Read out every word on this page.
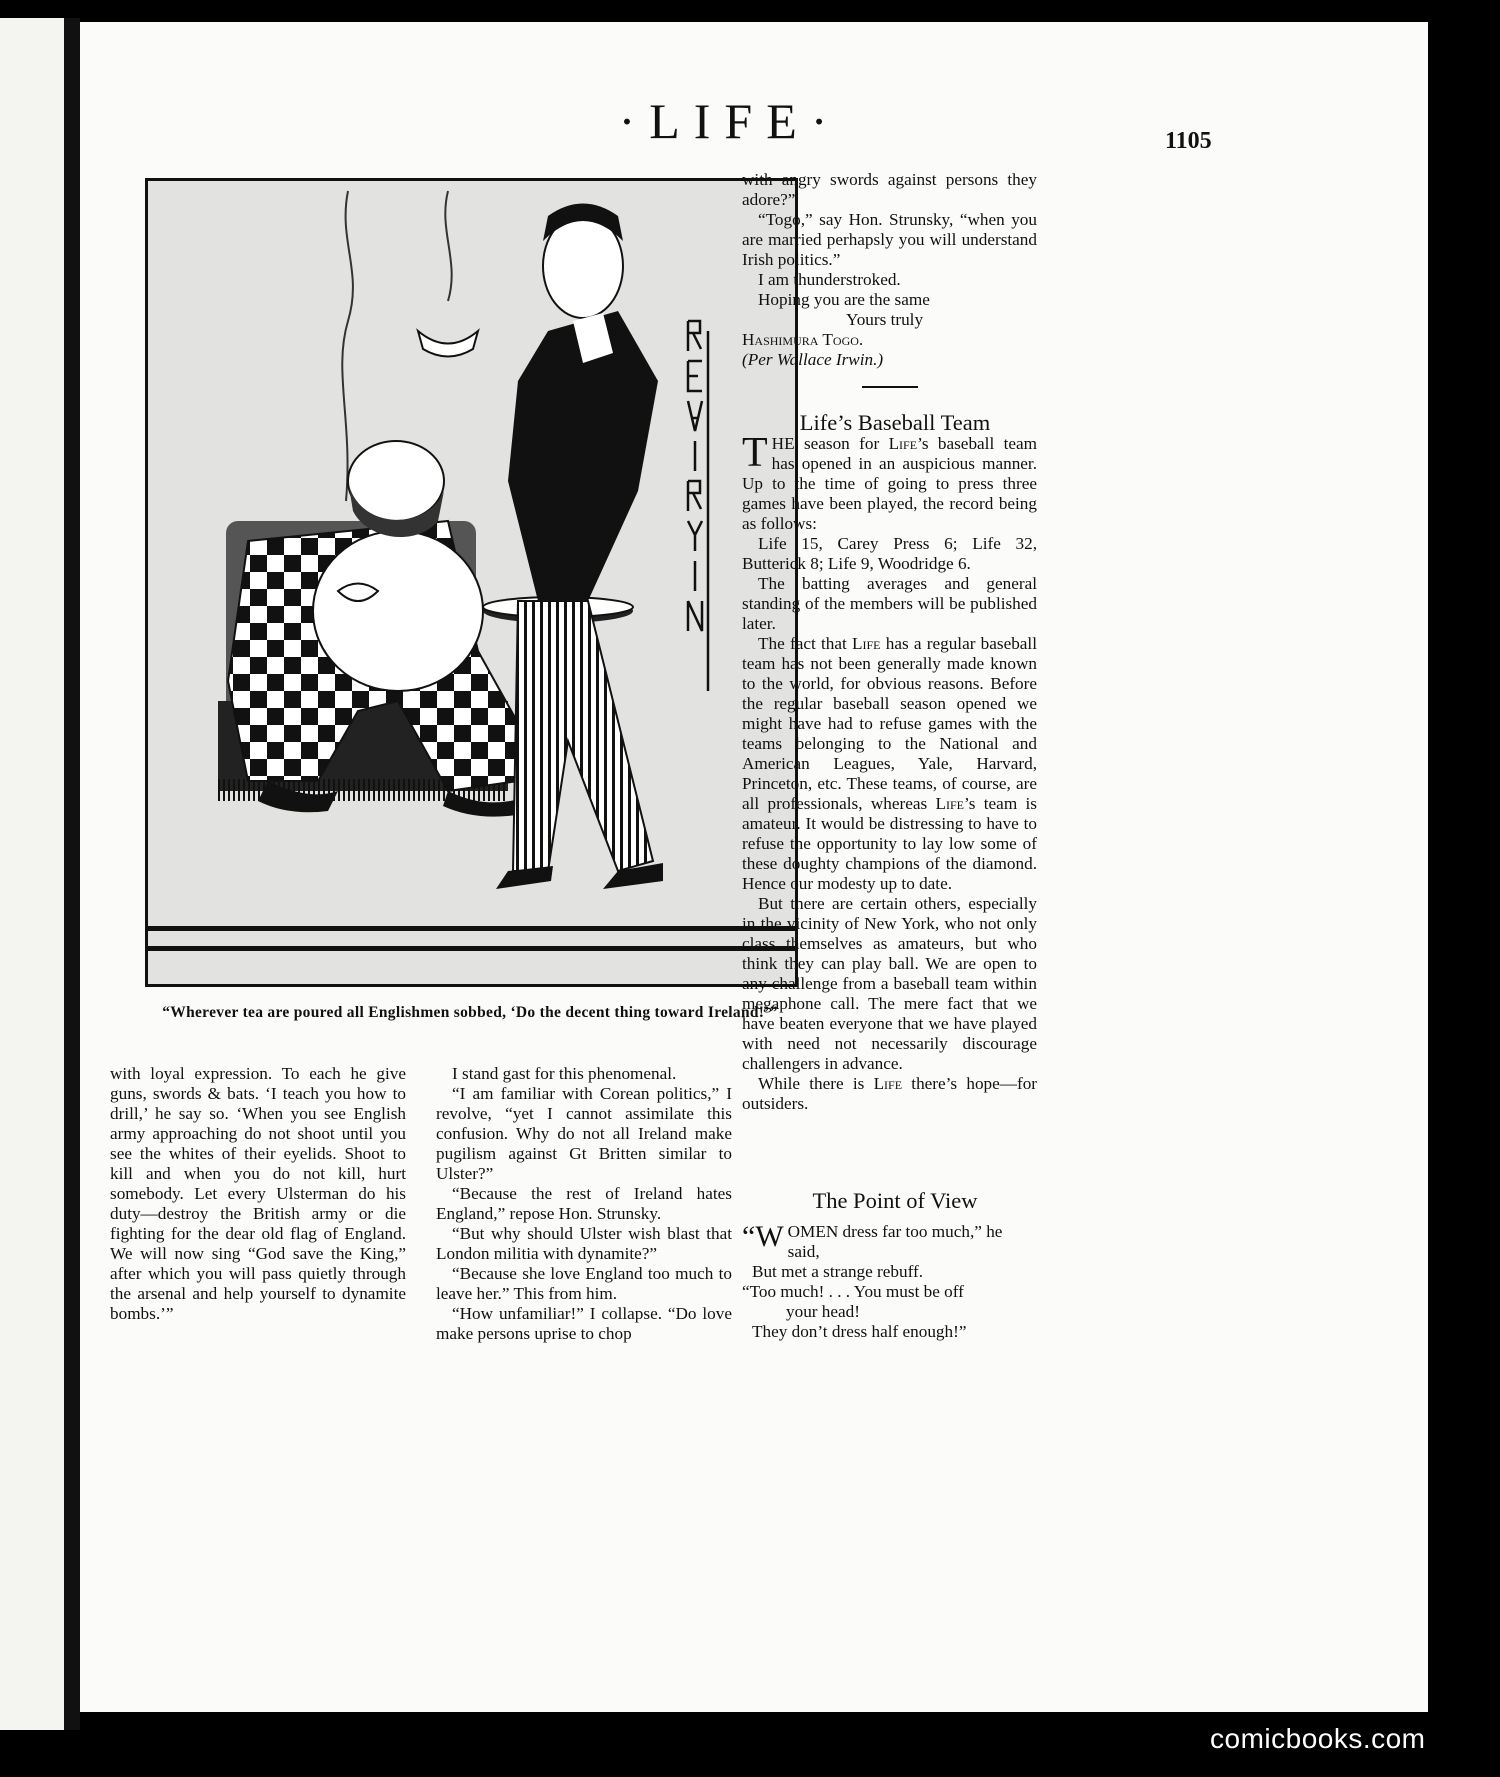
·LIFE·	1105
“Wherever tea are poured all Englishmen sobbed, ‘Do the decent thing toward Ireland!’”

with loyal expression. To each he give guns, swords & bats. ‘I teach you how to drill,’ he say so. ‘When you see English army approaching do not shoot until you see the whites of their eyelids. Shoot to kill and when you do not kill, hurt somebody. Let every Ulsterman do his duty—destroy the British army or die fighting for the dear old flag of England. We will now sing “God save the King,” after which you will pass quietly through the arsenal and help yourself to dynamite bombs.’”

I stand gast for this phenomenal.

“I am familiar with Corean politics,” I revolve, “yet I cannot assimilate this confusion. Why do not all Ireland make pugilism against Gt Britten similar to Ulster?”

“Because the rest of Ireland hates England,” repose Hon. Strunsky.

“But why should Ulster wish blast that London militia with dynamite?”

“Because she love England too much to leave her.” This from him.

“How unfamiliar!” I collapse. “Do love make persons uprise to chop

with angry swords against persons they adore?”

“Togo,” say Hon. Strunsky, “when you are married perhapsly you will understand Irish politics.”

I am thunderstroked.

Hoping you are the same

Yours truly

Hashimura Togo.

(Per Wallace Irwin.)

Life’s Baseball Team

THE season for Life’s baseball team has opened in an auspicious manner. Up to the time of going to press three games have been played, the record being as follows:

Life 15, Carey Press 6; Life 32, Butterick 8; Life 9, Woodridge 6.

The batting averages and general standing of the members will be published later.

The fact that Life has a regular baseball team has not been generally made known to the world, for obvious reasons. Before the regular baseball season opened we might have had to refuse games with the teams belonging to the National and American Leagues, Yale, Harvard, Princeton, etc. These teams, of course, are all professionals, whereas Life’s team is amateur. It would be distressing to have to refuse the opportunity to lay low some of these doughty champions of the diamond. Hence our modesty up to date.

But there are certain others, especially in the vicinity of New York, who not only class themselves as amateurs, but who think they can play ball. We are open to any challenge from a baseball team within megaphone call. The mere fact that we have beaten everyone that we have played with need not necessarily discourage challengers in advance.

While there is Life there’s hope—for outsiders.

The Point of View

“WOMEN dress far too much,” he said,

But met a strange rebuff.

“Too much! . . . You must be off

your head!

They don’t dress half enough!”

comicbooks.com
